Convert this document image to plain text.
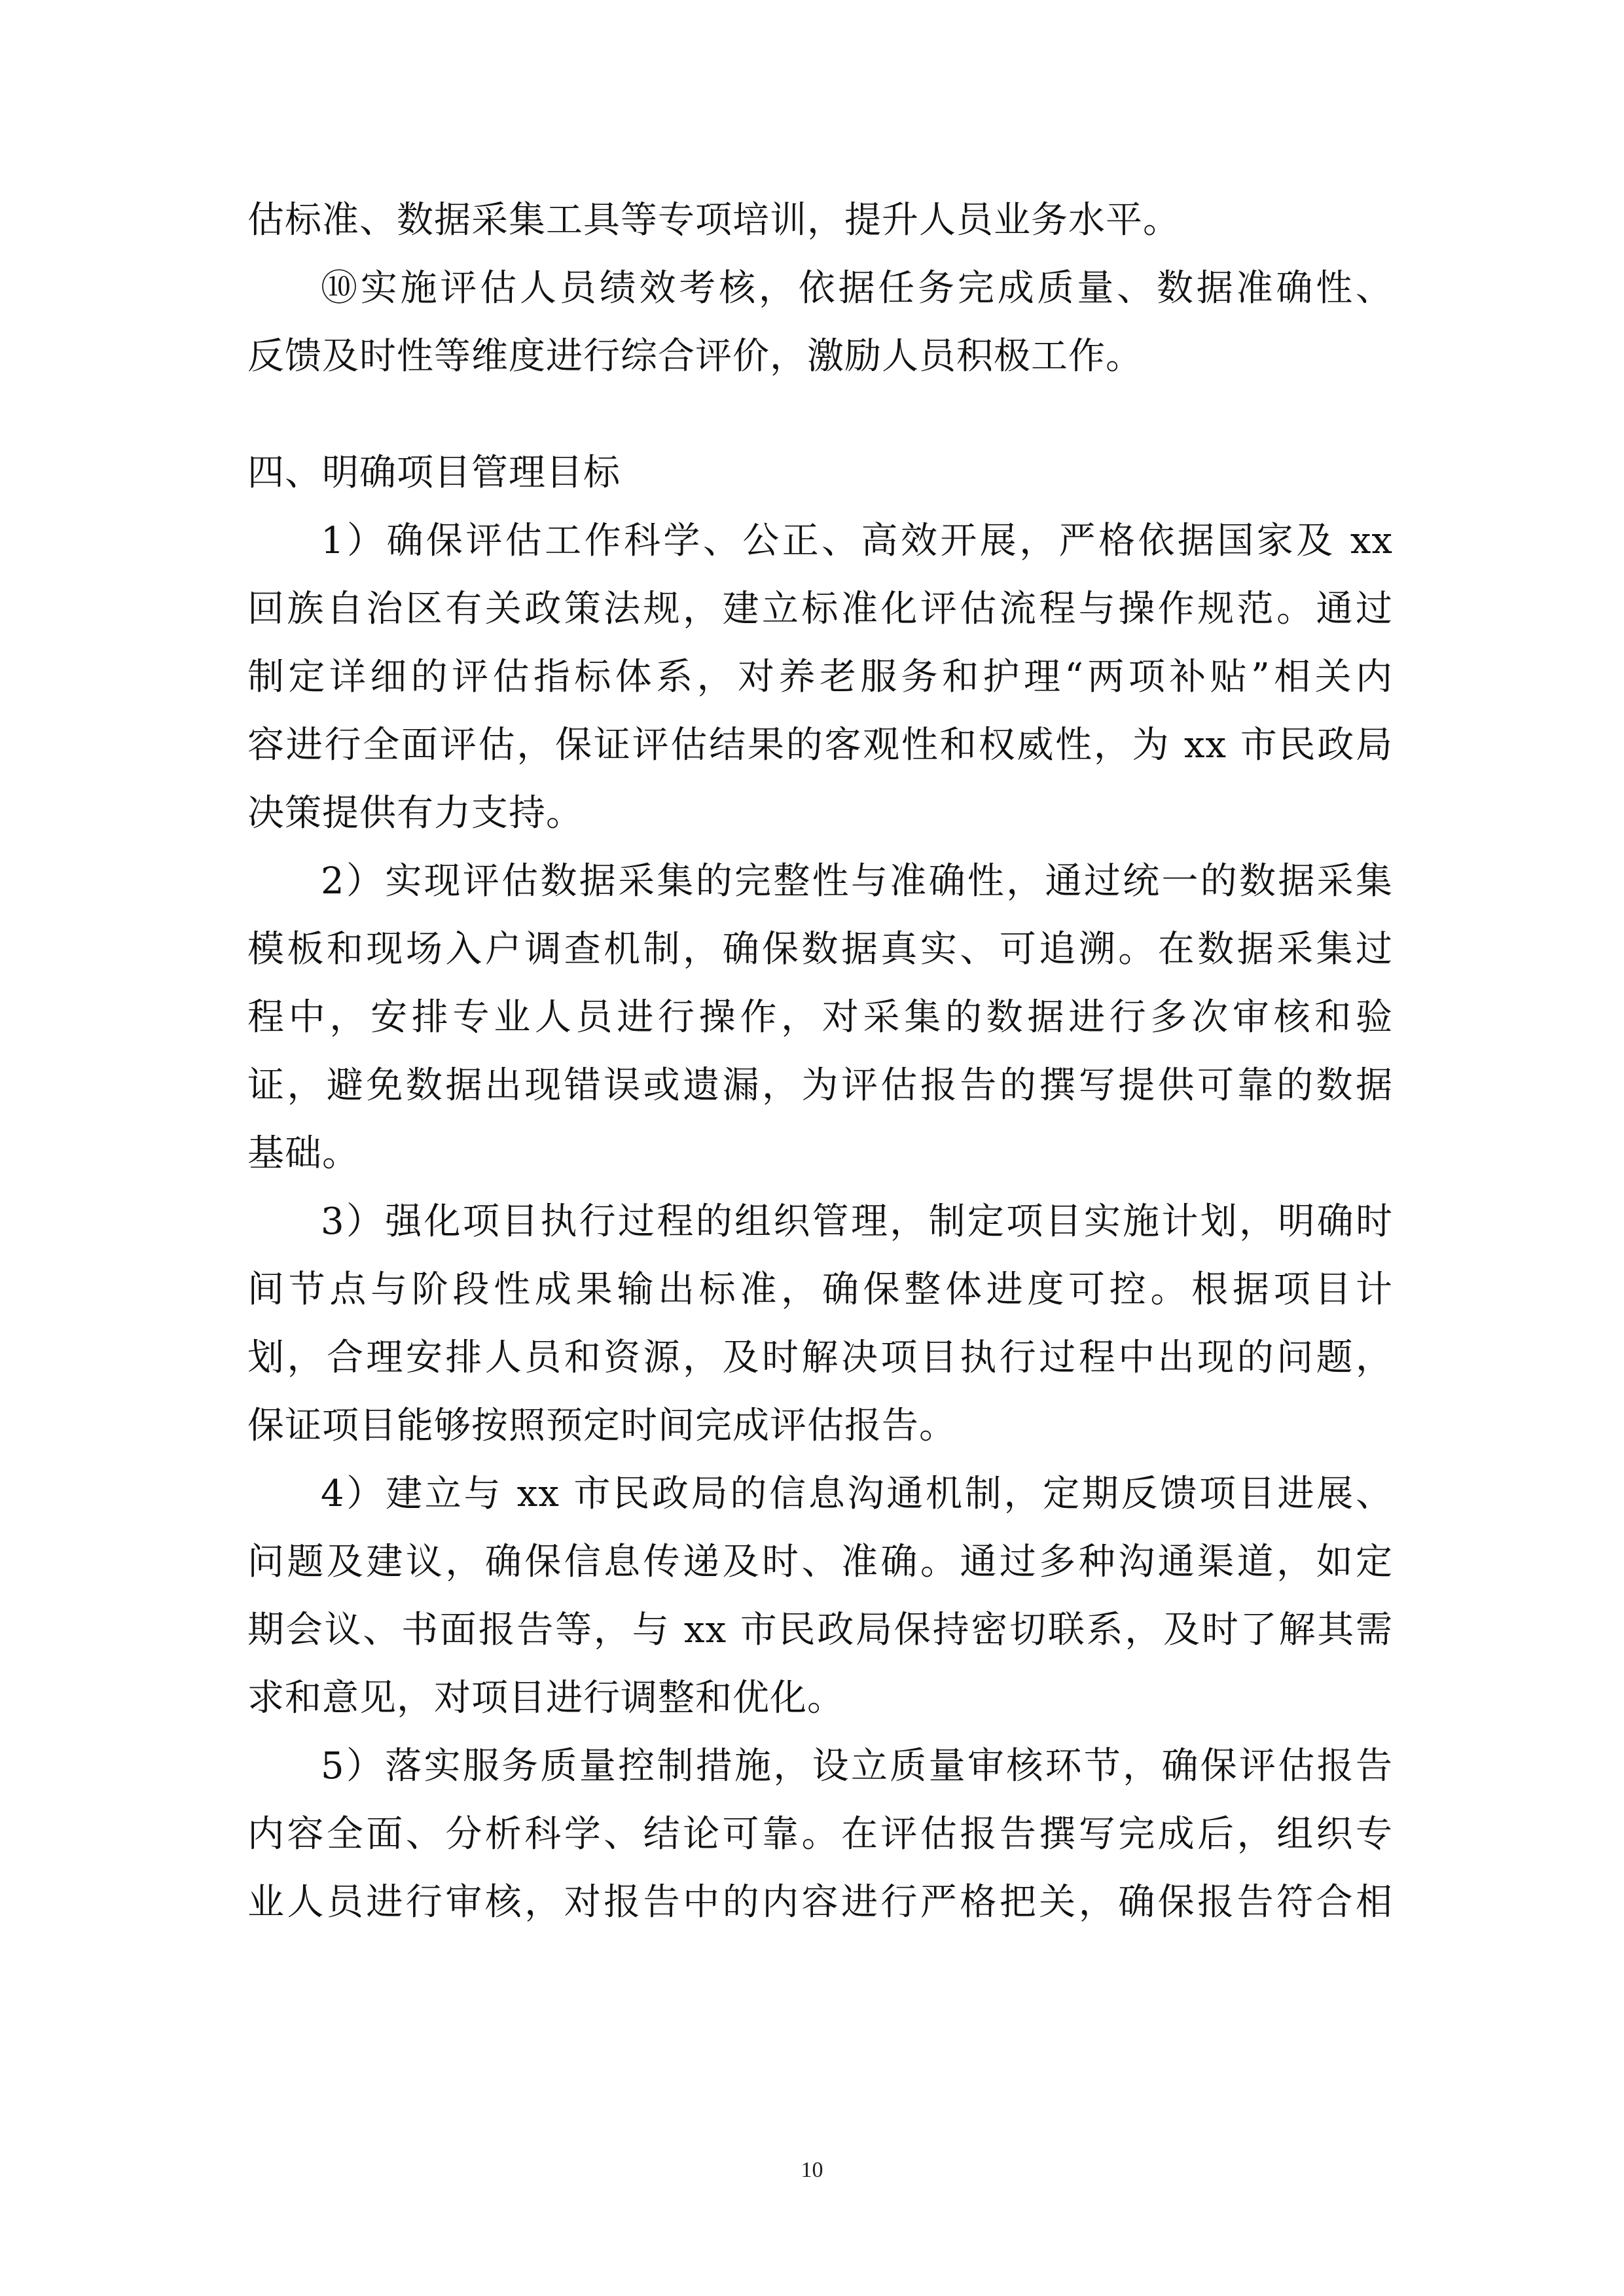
估标准、数据采集工具等专项培训，提升人员业务水平。
⑩实施评估人员绩效考核，依据任务完成质量、数据准确性、
反馈及时性等维度进行综合评价，激励人员积极工作。
四、明确项目管理目标
1）确保评估工作科学、公正、高效开展，严格依据国家及 xx
回族自治区有关政策法规，建立标准化评估流程与操作规范。通过
制定详细的评估指标体系，对养老服务和护理“两项补贴”相关内
容进行全面评估，保证评估结果的客观性和权威性，为 xx 市民政局
决策提供有力支持。
2）实现评估数据采集的完整性与准确性，通过统一的数据采集
模板和现场入户调查机制，确保数据真实、可追溯。在数据采集过
程中，安排专业人员进行操作，对采集的数据进行多次审核和验
证，避免数据出现错误或遗漏，为评估报告的撰写提供可靠的数据
基础。
3）强化项目执行过程的组织管理，制定项目实施计划，明确时
间节点与阶段性成果输出标准，确保整体进度可控。根据项目计
划，合理安排人员和资源，及时解决项目执行过程中出现的问题，
保证项目能够按照预定时间完成评估报告。
4）建立与 xx 市民政局的信息沟通机制，定期反馈项目进展、
问题及建议，确保信息传递及时、准确。通过多种沟通渠道，如定
期会议、书面报告等，与 xx 市民政局保持密切联系，及时了解其需
求和意见，对项目进行调整和优化。
5）落实服务质量控制措施，设立质量审核环节，确保评估报告
内容全面、分析科学、结论可靠。在评估报告撰写完成后，组织专
业人员进行审核，对报告中的内容进行严格把关，确保报告符合相
10
